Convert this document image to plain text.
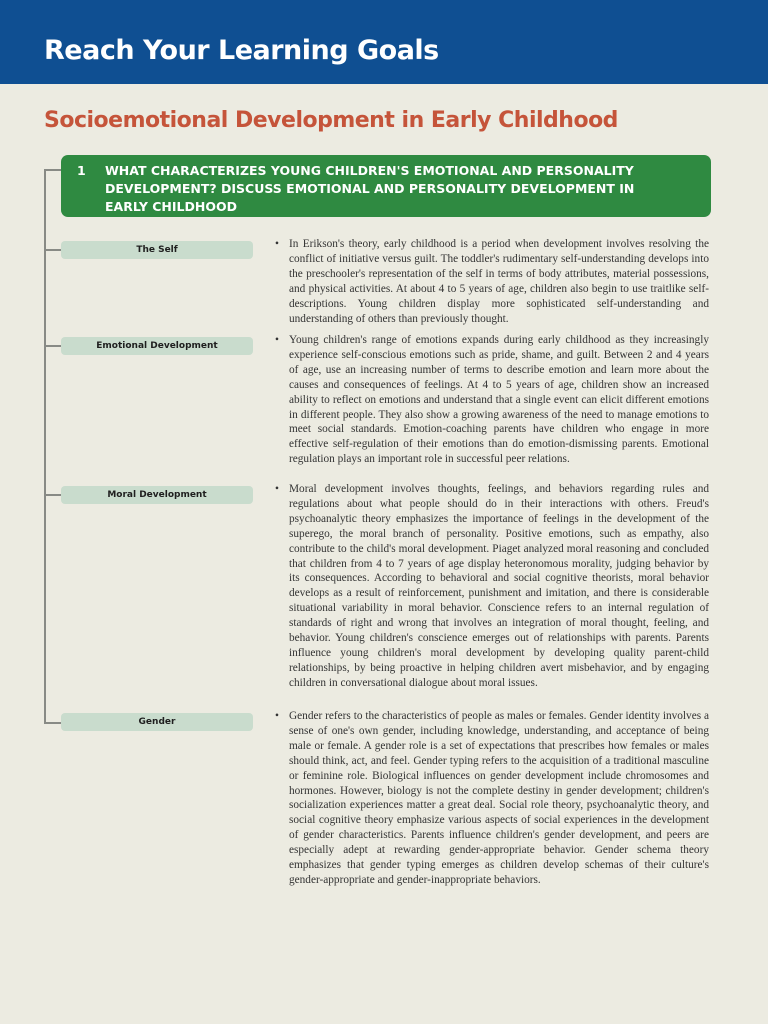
Reach Your Learning Goals
Socioemotional Development in Early Childhood
1 WHAT CHARACTERIZES YOUNG CHILDREN'S EMOTIONAL AND PERSONALITY DEVELOPMENT? DISCUSS EMOTIONAL AND PERSONALITY DEVELOPMENT IN EARLY CHILDHOOD
The Self
Emotional Development
Moral Development
Gender
• In Erikson's theory, early childhood is a period when development involves resolving the conflict of initiative versus guilt. The toddler's rudimentary self-understanding develops into the preschooler's representation of the self in terms of body attributes, material possessions, and physical activities. At about 4 to 5 years of age, children also begin to use traitlike self-descriptions. Young children display more sophisticated self-understanding and understanding of others than previously thought.
• Young children's range of emotions expands during early childhood as they increasingly experience self-conscious emotions such as pride, shame, and guilt. Between 2 and 4 years of age, use an increasing number of terms to describe emotion and learn more about the causes and consequences of feelings. At 4 to 5 years of age, children show an increased ability to reflect on emotions and understand that a single event can elicit different emotions in different people. They also show a growing awareness of the need to manage emotions to meet social standards. Emotion-coaching parents have children who engage in more effective self-regulation of their emotions than do emotion-dismissing parents. Emotional regulation plays an important role in successful peer relations.
• Moral development involves thoughts, feelings, and behaviors regarding rules and regulations about what people should do in their interactions with others. Freud's psychoanalytic theory emphasizes the importance of feelings in the development of the superego, the moral branch of personality. Positive emotions, such as empathy, also contribute to the child's moral development. Piaget analyzed moral reasoning and concluded that children from 4 to 7 years of age display heteronomous morality, judging behavior by its consequences. According to behavioral and social cognitive theorists, moral behavior develops as a result of reinforcement, punishment and imitation, and there is considerable situational variability in moral behavior. Conscience refers to an internal regulation of standards of right and wrong that involves an integration of moral thought, feeling, and behavior. Young children's conscience emerges out of relationships with parents. Parents influence young children's moral development by developing quality parent-child relationships, by being proactive in helping children avert misbehavior, and by engaging children in conversational dialogue about moral issues.
• Gender refers to the characteristics of people as males or females. Gender identity involves a sense of one's own gender, including knowledge, understanding, and acceptance of being male or female. A gender role is a set of expectations that prescribes how females or males should think, act, and feel. Gender typing refers to the acquisition of a traditional masculine or feminine role. Biological influences on gender development include chromosomes and hormones. However, biology is not the complete destiny in gender development; children's socialization experiences matter a great deal. Social role theory, psychoanalytic theory, and social cognitive theory emphasize various aspects of social experiences in the development of gender characteristics. Parents influence children's gender development, and peers are especially adept at rewarding gender-appropriate behavior. Gender schema theory emphasizes that gender typing emerges as children develop schemas of their culture's gender-appropriate and gender-inappropriate behaviors.
